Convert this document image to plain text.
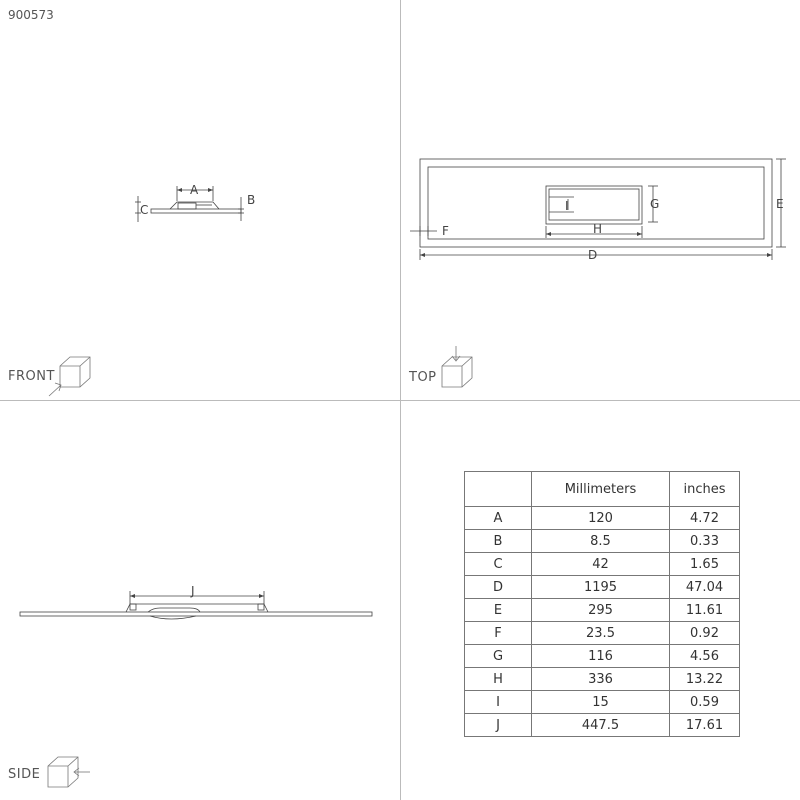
900573
A
B
C
D
E
F
G
H
I
J
FRONT	TOP
SIDE
	Millimeters	inches
A	120	4.72
B	8.5	0.33
C	42	1.65
D	1195	47.04
E	295	11.61
F	23.5	0.92
G	116	4.56
H	336	13.22
I	15	0.59
J	447.5	17.61
